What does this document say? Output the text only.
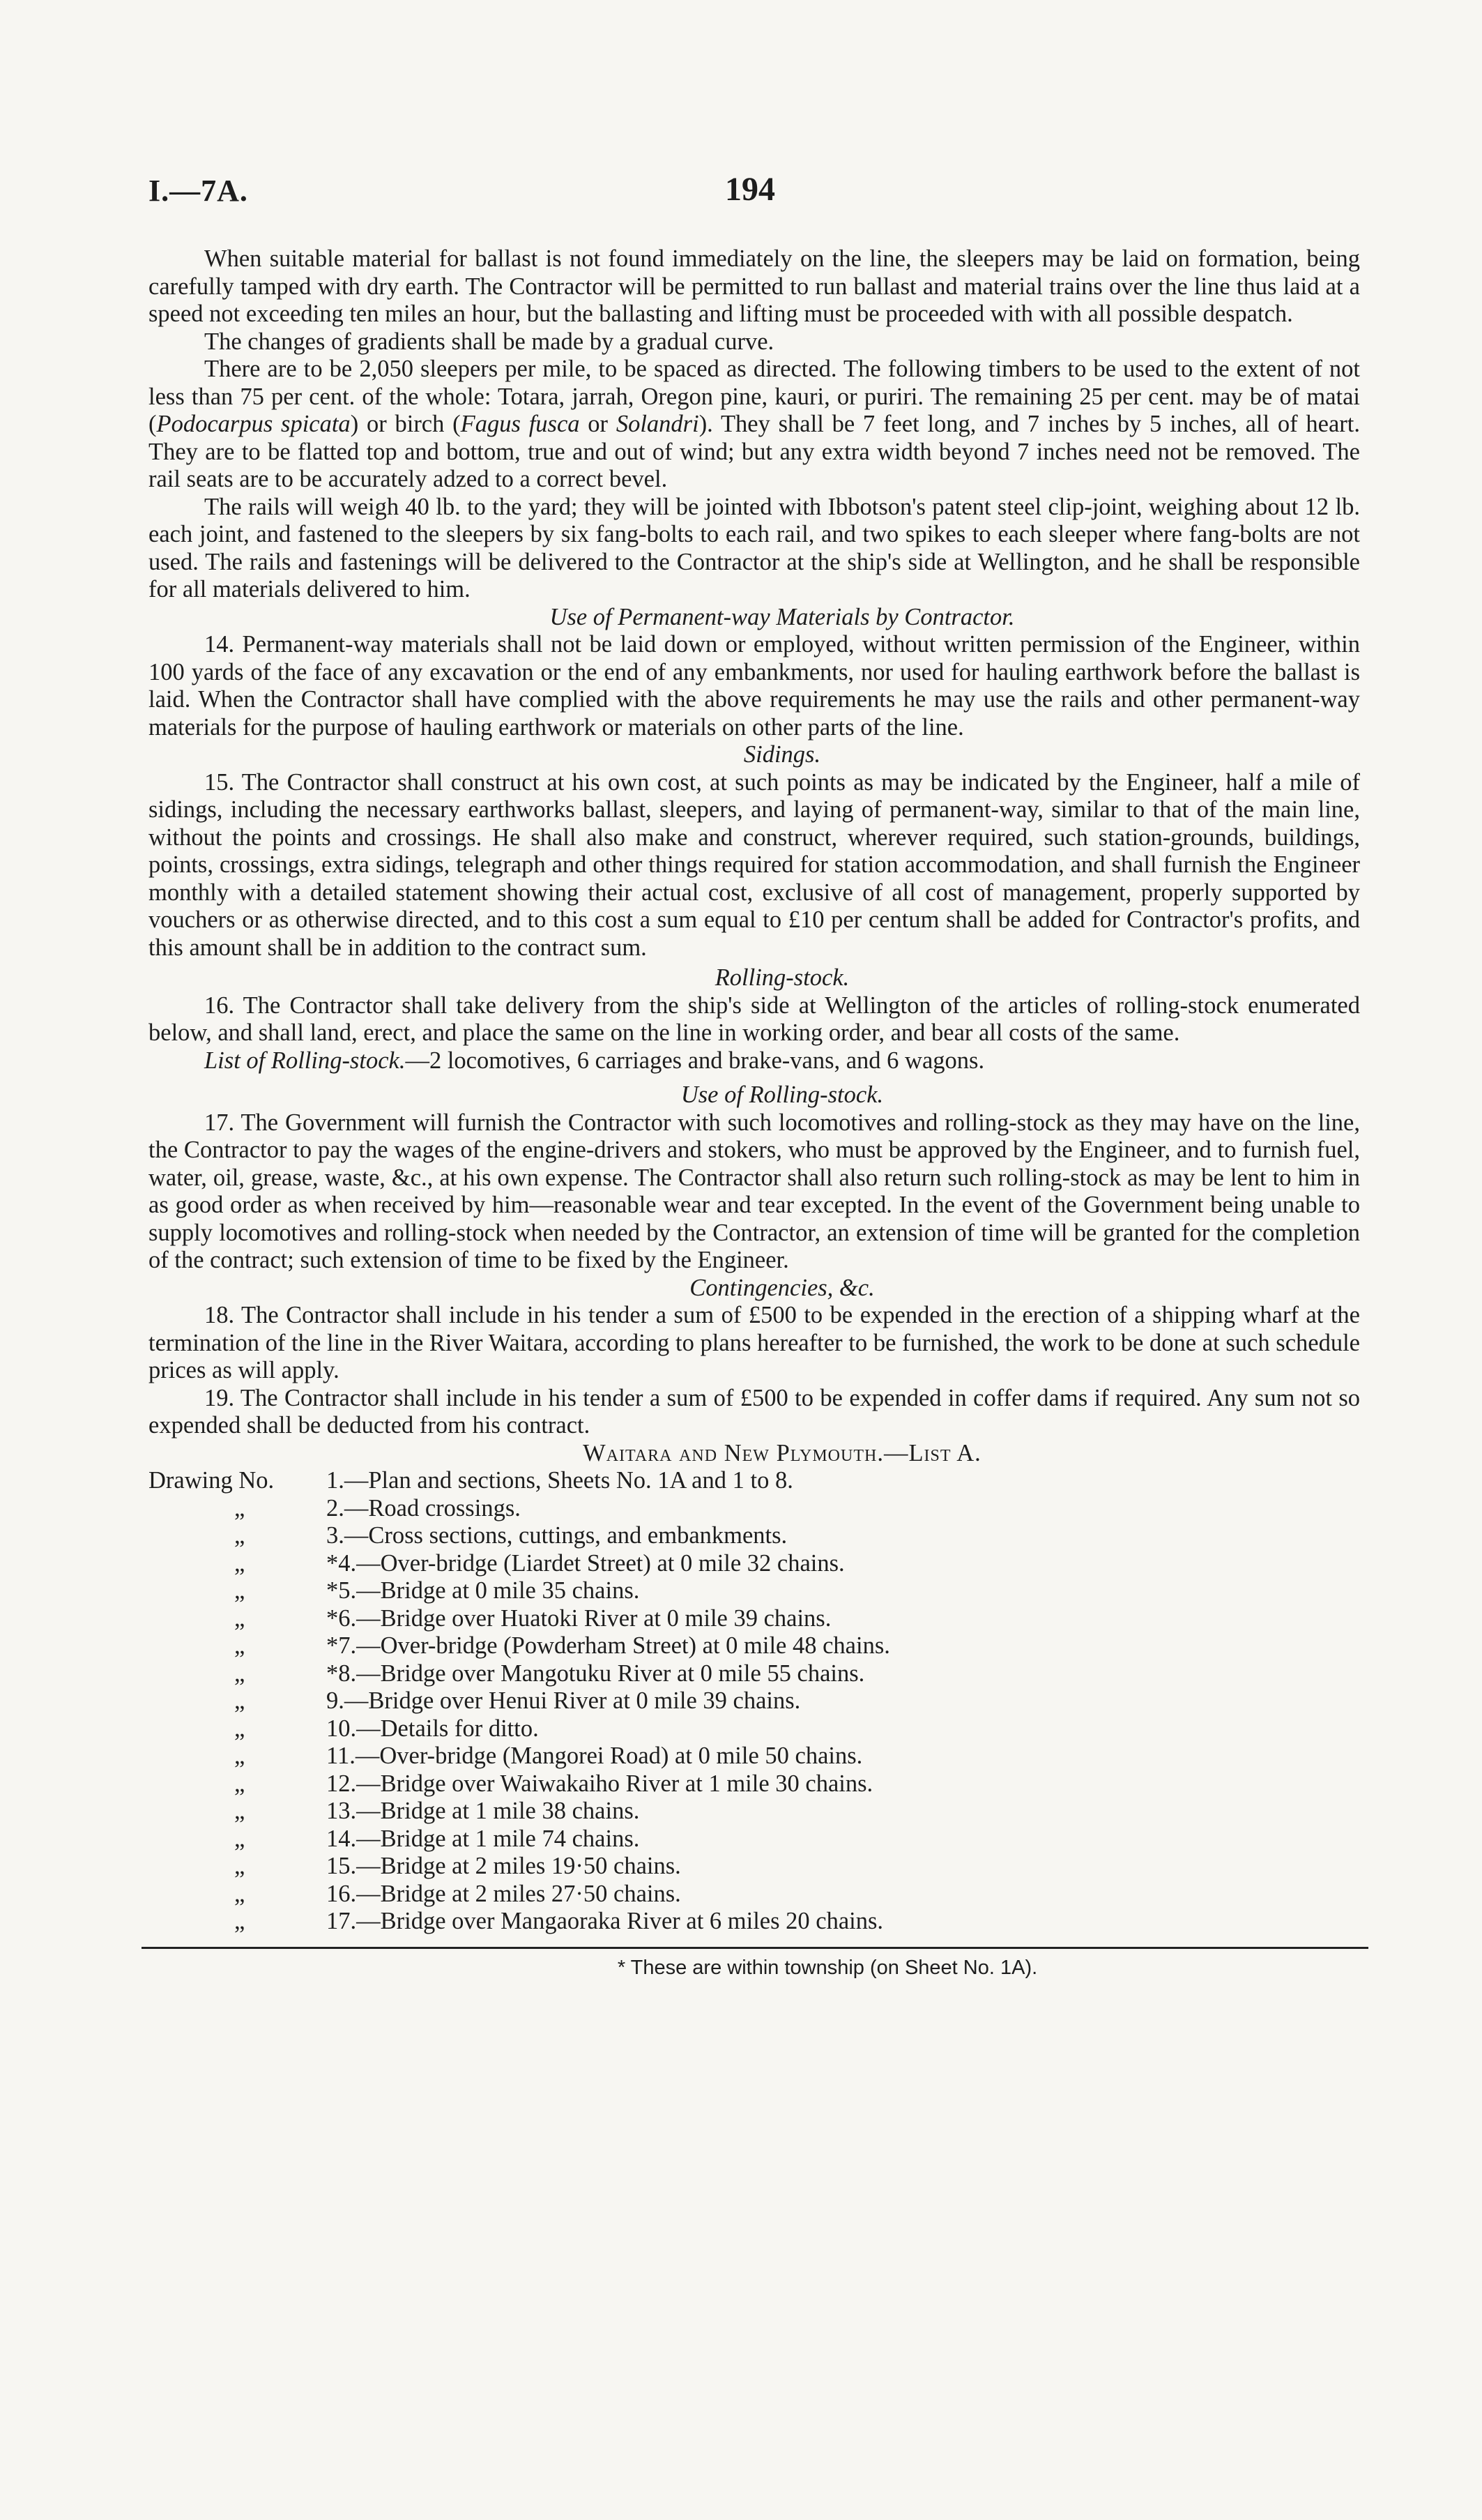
I.—7A.	194

When suitable material for ballast is not found immediately on the line, the sleepers may be laid on formation, being carefully tamped with dry earth. The Contractor will be permitted to run ballast and material trains over the line thus laid at a speed not exceeding ten miles an hour, but the ballasting and lifting must be proceeded with with all possible despatch.

The changes of gradients shall be made by a gradual curve.

There are to be 2,050 sleepers per mile, to be spaced as directed. The following timbers to be used to the extent of not less than 75 per cent. of the whole: Totara, jarrah, Oregon pine, kauri, or puriri. The remaining 25 per cent. may be of matai (Podocarpus spicata) or birch (Fagus fusca or Solandri). They shall be 7 feet long, and 7 inches by 5 inches, all of heart. They are to be flatted top and bottom, true and out of wind; but any extra width beyond 7 inches need not be removed. The rail seats are to be accurately adzed to a correct bevel.

The rails will weigh 40 lb. to the yard; they will be jointed with Ibbotson's patent steel clip-joint, weighing about 12 lb. each joint, and fastened to the sleepers by six fang-bolts to each rail, and two spikes to each sleeper where fang-bolts are not used. The rails and fastenings will be delivered to the Contractor at the ship's side at Wellington, and he shall be responsible for all materials delivered to him.

Use of Permanent-way Materials by Contractor.

14. Permanent-way materials shall not be laid down or employed, without written permission of the Engineer, within 100 yards of the face of any excavation or the end of any embankments, nor used for hauling earthwork before the ballast is laid. When the Contractor shall have complied with the above requirements he may use the rails and other permanent-way materials for the purpose of hauling earthwork or materials on other parts of the line.

Sidings.

15. The Contractor shall construct at his own cost, at such points as may be indicated by the Engineer, half a mile of sidings, including the necessary earthworks ballast, sleepers, and laying of permanent-way, similar to that of the main line, without the points and crossings. He shall also make and construct, wherever required, such station-grounds, buildings, points, crossings, extra sidings, telegraph and other things required for station accommodation, and shall furnish the Engineer monthly with a detailed statement showing their actual cost, exclusive of all cost of management, properly supported by vouchers or as otherwise directed, and to this cost a sum equal to £10 per centum shall be added for Contractor's profits, and this amount shall be in addition to the contract sum.

Rolling-stock.

16. The Contractor shall take delivery from the ship's side at Wellington of the articles of rolling-stock enumerated below, and shall land, erect, and place the same on the line in working order, and bear all costs of the same.

List of Rolling-stock.—2 locomotives, 6 carriages and brake-vans, and 6 wagons.

Use of Rolling-stock.

17. The Government will furnish the Contractor with such locomotives and rolling-stock as they may have on the line, the Contractor to pay the wages of the engine-drivers and stokers, who must be approved by the Engineer, and to furnish fuel, water, oil, grease, waste, &c., at his own expense. The Contractor shall also return such rolling-stock as may be lent to him in as good order as when received by him—reasonable wear and tear excepted. In the event of the Government being unable to supply locomotives and rolling-stock when needed by the Contractor, an extension of time will be granted for the completion of the contract; such extension of time to be fixed by the Engineer.

Contingencies, &c.

18. The Contractor shall include in his tender a sum of £500 to be expended in the erection of a shipping wharf at the termination of the line in the River Waitara, according to plans hereafter to be furnished, the work to be done at such schedule prices as will apply.

19. The Contractor shall include in his tender a sum of £500 to be expended in coffer dams if required. Any sum not so expended shall be deducted from his contract.

Waitara and New Plymouth.—List A.

Drawing No.	1.—Plan and sections, Sheets No. 1A and 1 to 8.
„	2.—Road crossings.
„	3.—Cross sections, cuttings, and embankments.
„	*4.—Over-bridge (Liardet Street) at 0 mile 32 chains.
„	*5.—Bridge at 0 mile 35 chains.
„	*6.—Bridge over Huatoki River at 0 mile 39 chains.
„	*7.—Over-bridge (Powderham Street) at 0 mile 48 chains.
„	*8.—Bridge over Mangotuku River at 0 mile 55 chains.
„	9.—Bridge over Henui River at 0 mile 39 chains.
„	10.—Details for ditto.
„	11.—Over-bridge (Mangorei Road) at 0 mile 50 chains.
„	12.—Bridge over Waiwakaiho River at 1 mile 30 chains.
„	13.—Bridge at 1 mile 38 chains.
„	14.—Bridge at 1 mile 74 chains.
„	15.—Bridge at 2 miles 19·50 chains.
„	16.—Bridge at 2 miles 27·50 chains.
„	17.—Bridge over Mangaoraka River at 6 miles 20 chains.
* These are within township (on Sheet No. 1A).
